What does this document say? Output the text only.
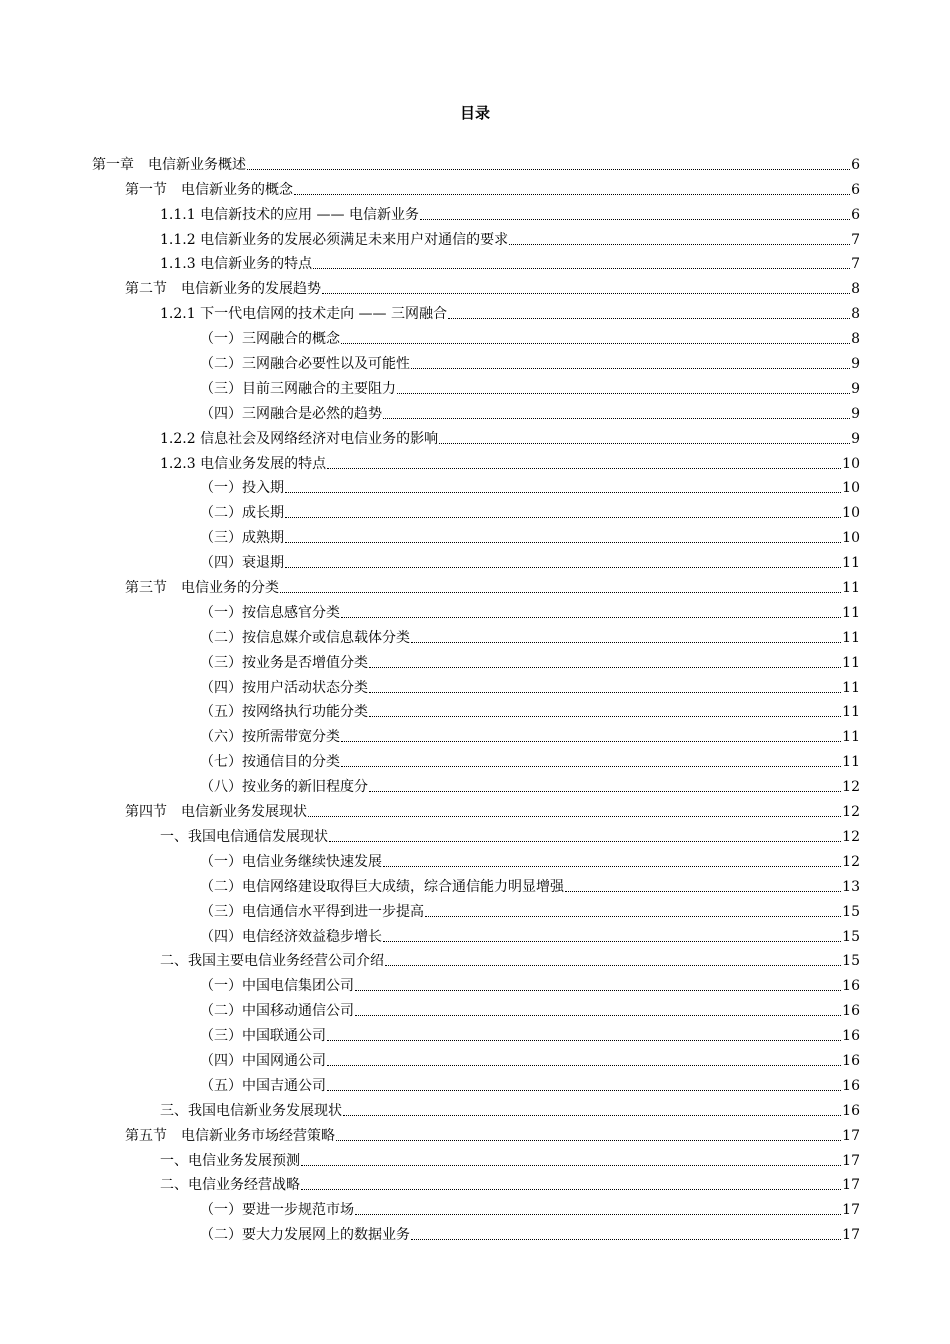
目录
第一章　电信新业务概述	6
第一节　电信新业务的概念	6
1.1.1 电信新技术的应用 —— 电信新业务	6
1.1.2 电信新业务的发展必须满足未来用户对通信的要求	7
1.1.3 电信新业务的特点	7
第二节　电信新业务的发展趋势	8
1.2.1 下一代电信网的技术走向 —— 三网融合	8
（一）三网融合的概念	8
（二）三网融合必要性以及可能性	9
（三）目前三网融合的主要阻力	9
（四）三网融合是必然的趋势	9
1.2.2 信息社会及网络经济对电信业务的影响	9
1.2.3 电信业务发展的特点	10
（一）投入期	10
（二）成长期	10
（三）成熟期	10
（四）衰退期	11
第三节　电信业务的分类	11
（一）按信息感官分类	11
（二）按信息媒介或信息载体分类	11
（三）按业务是否增值分类	11
（四）按用户活动状态分类	11
（五）按网络执行功能分类	11
（六）按所需带宽分类	11
（七）按通信目的分类	11
（八）按业务的新旧程度分	12
第四节　电信新业务发展现状	12
一、我国电信通信发展现状	12
（一）电信业务继续快速发展	12
（二）电信网络建设取得巨大成绩，综合通信能力明显增强	13
（三）电信通信水平得到进一步提高	15
（四）电信经济效益稳步增长	15
二、我国主要电信业务经营公司介绍	15
（一）中国电信集团公司	16
（二）中国移动通信公司	16
（三）中国联通公司	16
（四）中国网通公司	16
（五）中国吉通公司	16
三、我国电信新业务发展现状	16
第五节　电信新业务市场经营策略	17
一、电信业务发展预测	17
二、电信业务经营战略	17
（一）要进一步规范市场	17
（二）要大力发展网上的数据业务	17
